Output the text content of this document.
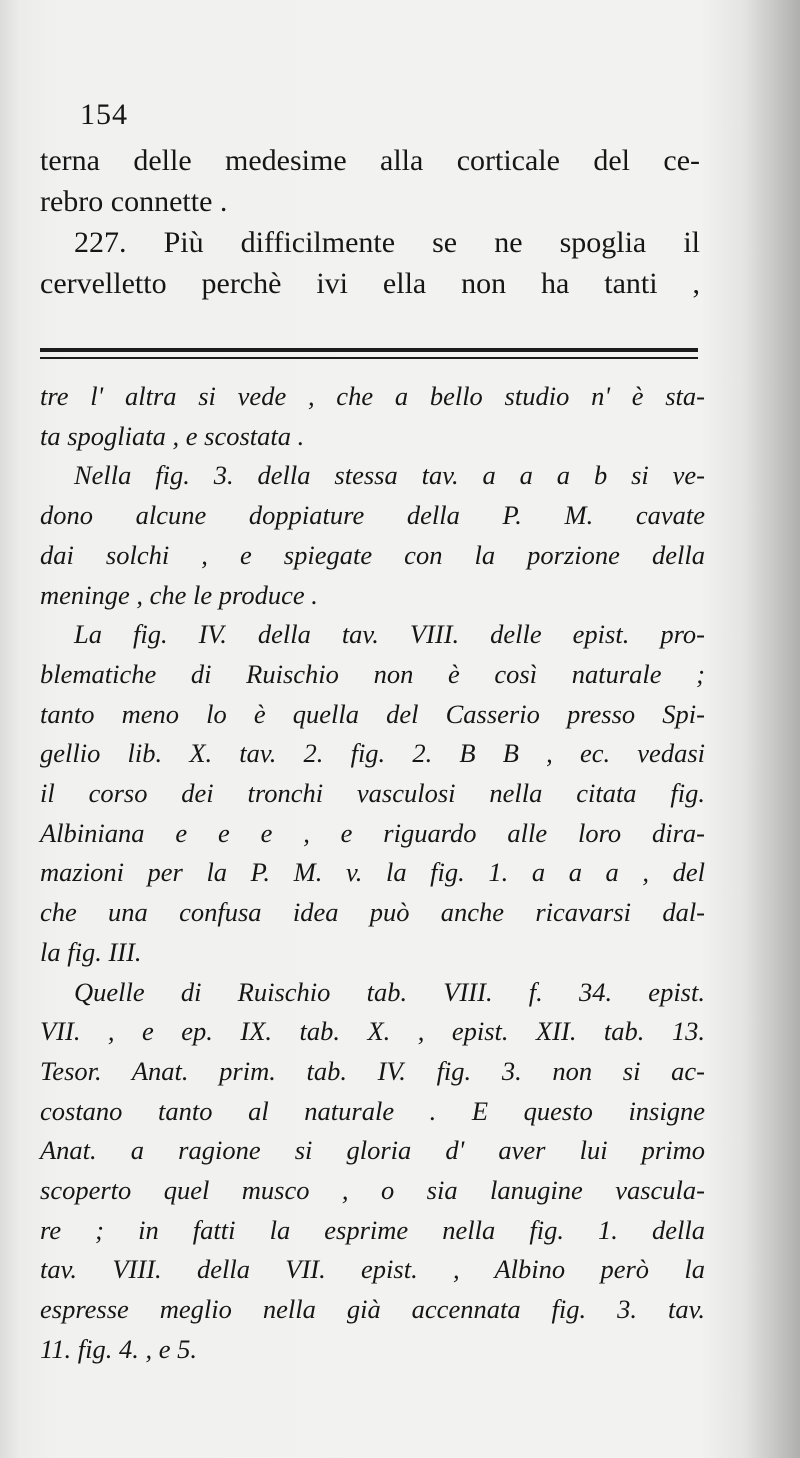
154
terna delle medesime alla corticale del ce-
rebro connette .
227. Più difficilmente se ne spoglia il
cervelletto perchè ivi ella non ha tanti ,
tre l' altra si vede , che a bello studio n' è sta-
ta spogliata , e scostata .
Nella fig. 3. della stessa tav. a a a b si ve-
dono alcune doppiature della P. M. cavate
dai solchi , e spiegate con la porzione della
meninge , che le produce .
La fig. IV. della tav. VIII. delle epist. pro-
blematiche di Ruischio non è così naturale ;
tanto meno lo è quella del Casserio presso Spi-
gellio lib. X. tav. 2. fig. 2. B B , ec. vedasi
il corso dei tronchi vasculosi nella citata fig.
Albiniana e e e , e riguardo alle loro dira-
mazioni per la P. M. v. la fig. 1. a a a , del
che una confusa idea può anche ricavarsi dal-
la fig. III.
Quelle di Ruischio tab. VIII. f. 34. epist.
VII. , e ep. IX. tab. X. , epist. XII. tab. 13.
Tesor. Anat. prim. tab. IV. fig. 3. non si ac-
costano tanto al naturale . E questo insigne
Anat. a ragione si gloria d' aver lui primo
scoperto quel musco , o sia lanugine vascula-
re ; in fatti la esprime nella fig. 1. della
tav. VIII. della VII. epist. , Albino però la
espresse meglio nella già accennata fig. 3. tav.
11. fig. 4. , e 5.
